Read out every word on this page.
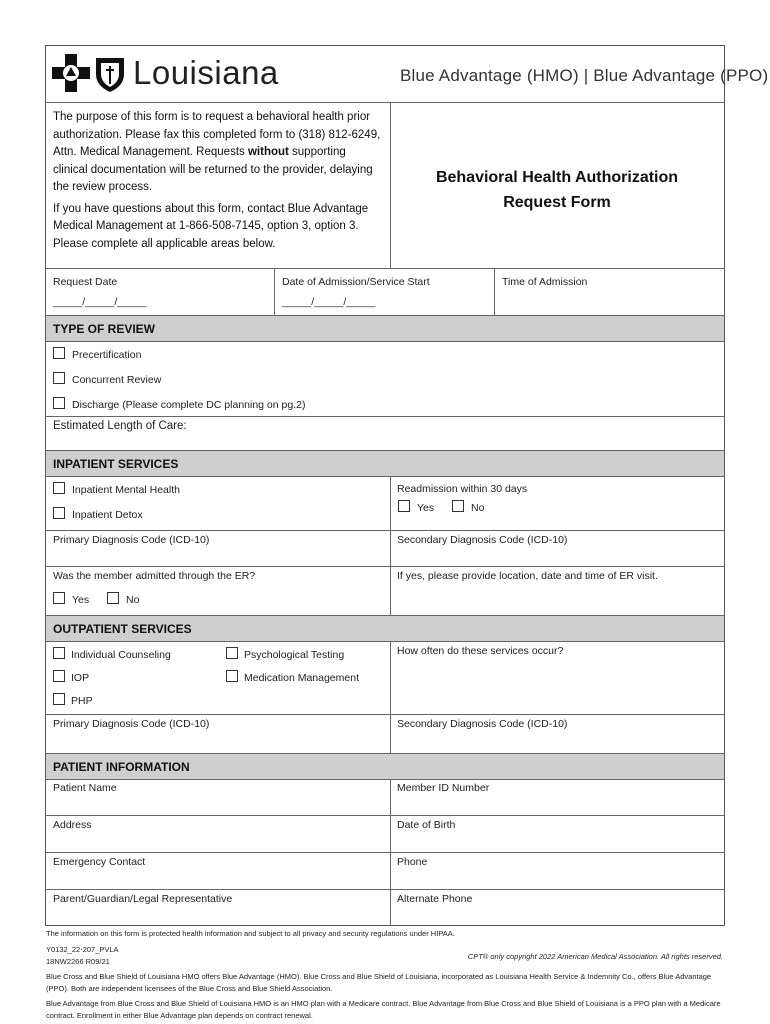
Louisiana	Blue Advantage (HMO) | Blue Advantage (PPO)

The purpose of this form is to request a behavioral health prior authorization. Please fax this completed form to (318) 812-6249, Attn. Medical Management. Requests without supporting clinical documentation will be returned to the provider, delaying the review process.

If you have questions about this form, contact Blue Advantage Medical Management at 1-866-508-7145, option 3, option 3. Please complete all applicable areas below.

Behavioral Health Authorization
Request Form
Request Date
_____/_____/_____
Date of Admission/Service Start
_____/_____/_____
Time of Admission
TYPE OF REVIEW
Precertification
Concurrent Review
Discharge (Please complete DC planning on pg.2)
Estimated Length of Care:
INPATIENT SERVICES
Inpatient Mental Health
Inpatient Detox
Readmission within 30 days
Yes	No
Primary Diagnosis Code (ICD-10)	Secondary Diagnosis Code (ICD-10)
Was the member admitted through the ER?
Yes	No
If yes, please provide location, date and time of ER visit.
OUTPATIENT SERVICES
Individual Counseling	Psychological Testing
IOP	Medication Management
PHP
How often do these services occur?
Primary Diagnosis Code (ICD-10)	Secondary Diagnosis Code (ICD-10)
PATIENT INFORMATION
Patient Name	Member ID Number
Address	Date of Birth
Emergency Contact	Phone
Parent/Guardian/Legal Representative	Alternate Phone
The information on this form is protected health information and subject to all privacy and security regulations under HIPAA.
Y0132_22-207_PVLA
18NW2266 R09/21
CPT® only copyright 2022 American Medical Association. All rights reserved.
Blue Cross and Blue Shield of Louisiana HMO offers Blue Advantage (HMO). Blue Cross and Blue Shield of Louisiana, incorporated as Louisiana Health Service & Indemnity Co., offers Blue Advantage (PPO). Both are independent licensees of the Blue Cross and Blue Shield Association.
Blue Advantage from Blue Cross and Blue Shield of Louisiana HMO is an HMO plan with a Medicare contract. Blue Advantage from Blue Cross and Blue Shield of Louisiana is a PPO plan with a Medicare contract. Enrollment in either Blue Advantage plan depends on contract renewal.
